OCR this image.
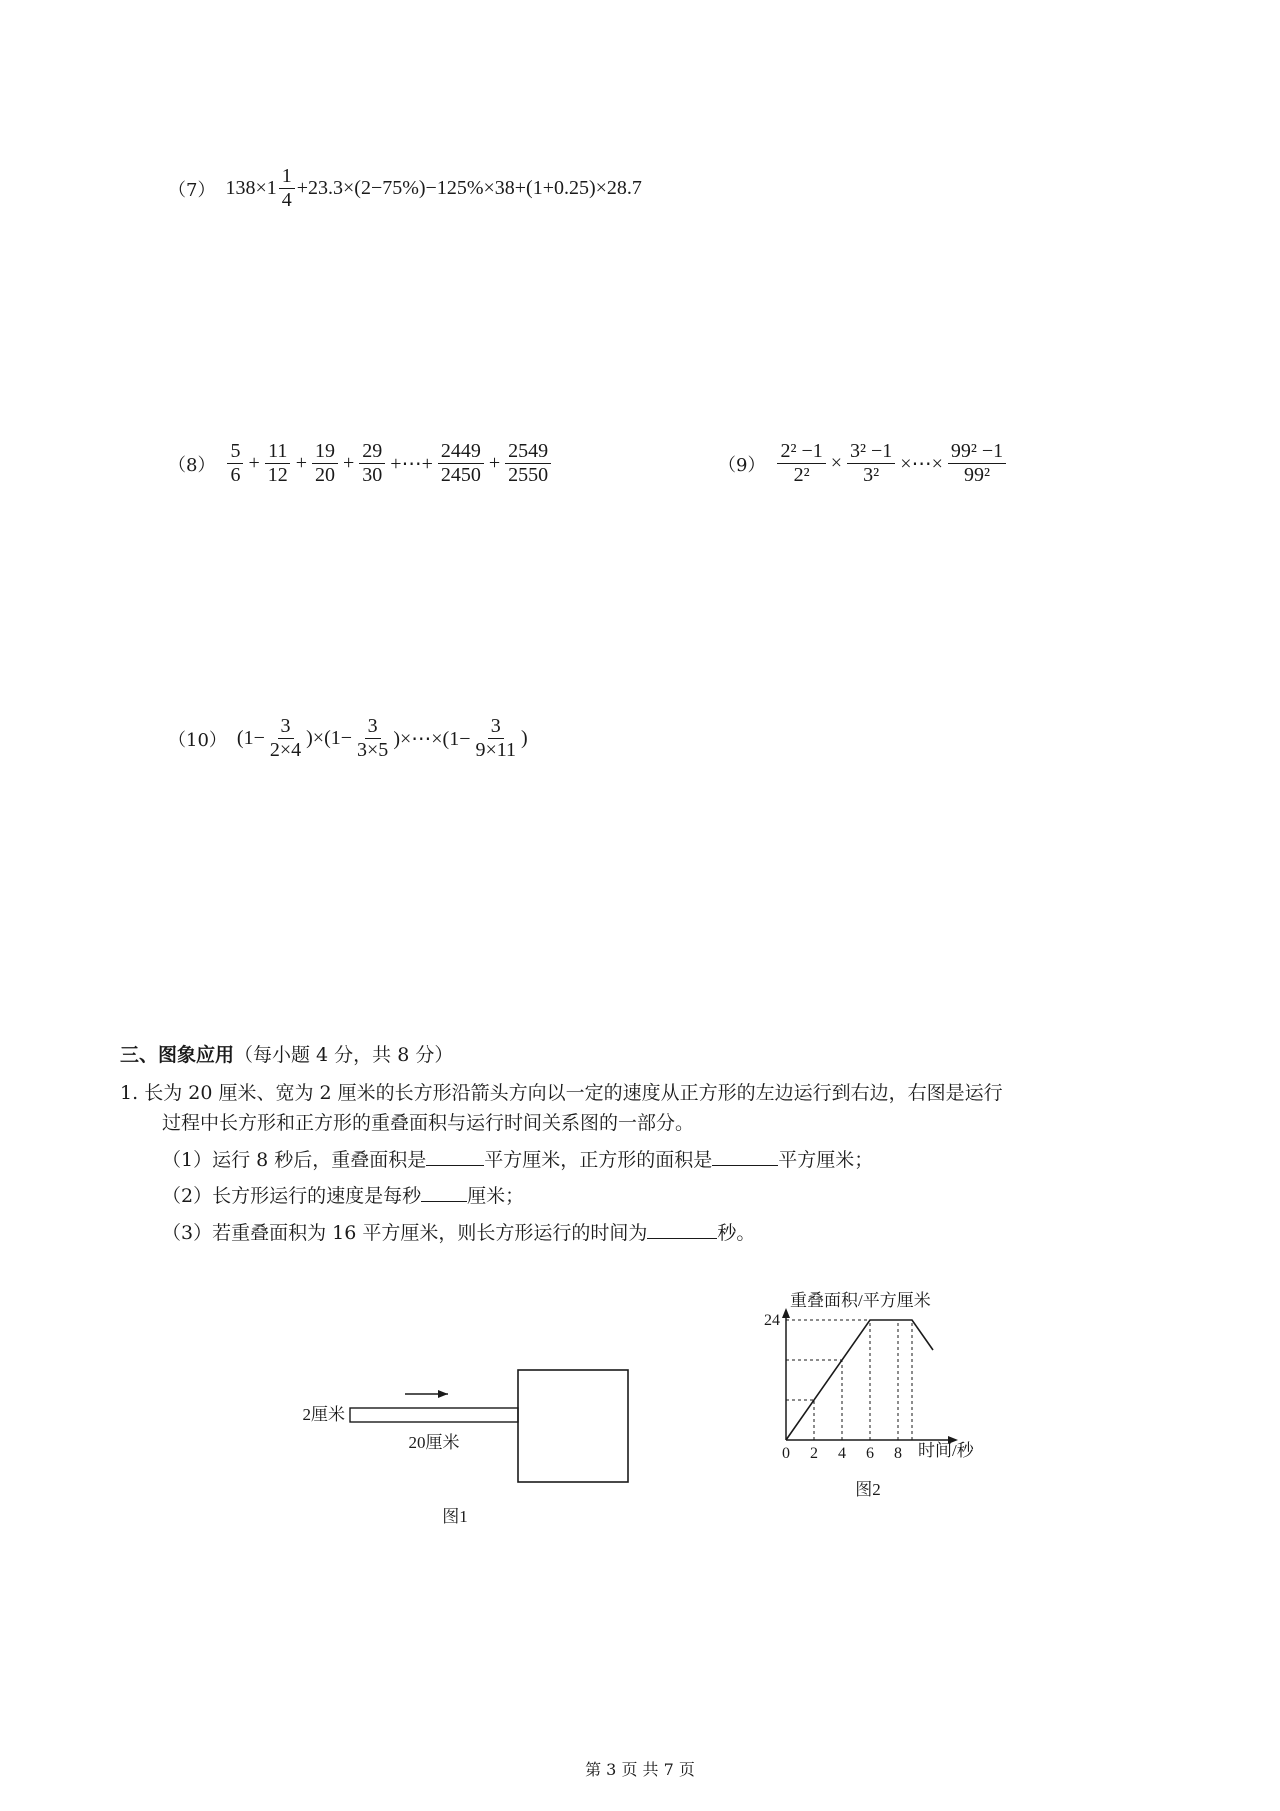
（7） $138\times 1 \frac{1}{4} +23.3\times(2-75\%)-125\%\times 38+(1+0.25)\times 28.7$
$(8) \frac{5}{6} + \frac{11}{12} + \frac{19}{20} + \frac{29}{30}$ +⋯+ $\frac{2449}{2450} + \frac{2549}{2550}$	$(9) \frac{\text{2² −1}}{\text{2²}} \times \frac{\text{3² −1}}{\text{3²}}$ ×⋯× $\frac{\text{99² −1}}{\text{99²}}$
（10） $(1- \frac{3}{2\times 4} )\times(1- \frac{3}{3\times 5}$ )×⋯×(1− $\frac{3}{9\times 11}$ )
三、图象应用（每小题 4 分，共 8 分）
1. 长为 20 厘米、宽为 2 厘米的长方形沿箭头方向以一定的速度从正方形的左边运行到右边，右图是运行
过程中长方形和正方形的重叠面积与运行时间关系图的一部分。
（1）运行 8 秒后，重叠面积是	平方厘米，正方形的面积是	平方厘米；
（2）长方形运行的速度是每秒 厘米；
（3）若重叠面积为 16 平方厘米，则长方形运行的时间为	秒。
2厘米
20厘米
图1
0 2 4 6 8
24
重叠面积/平方厘米
时间/秒
图2
第 3 页 共 7 页
